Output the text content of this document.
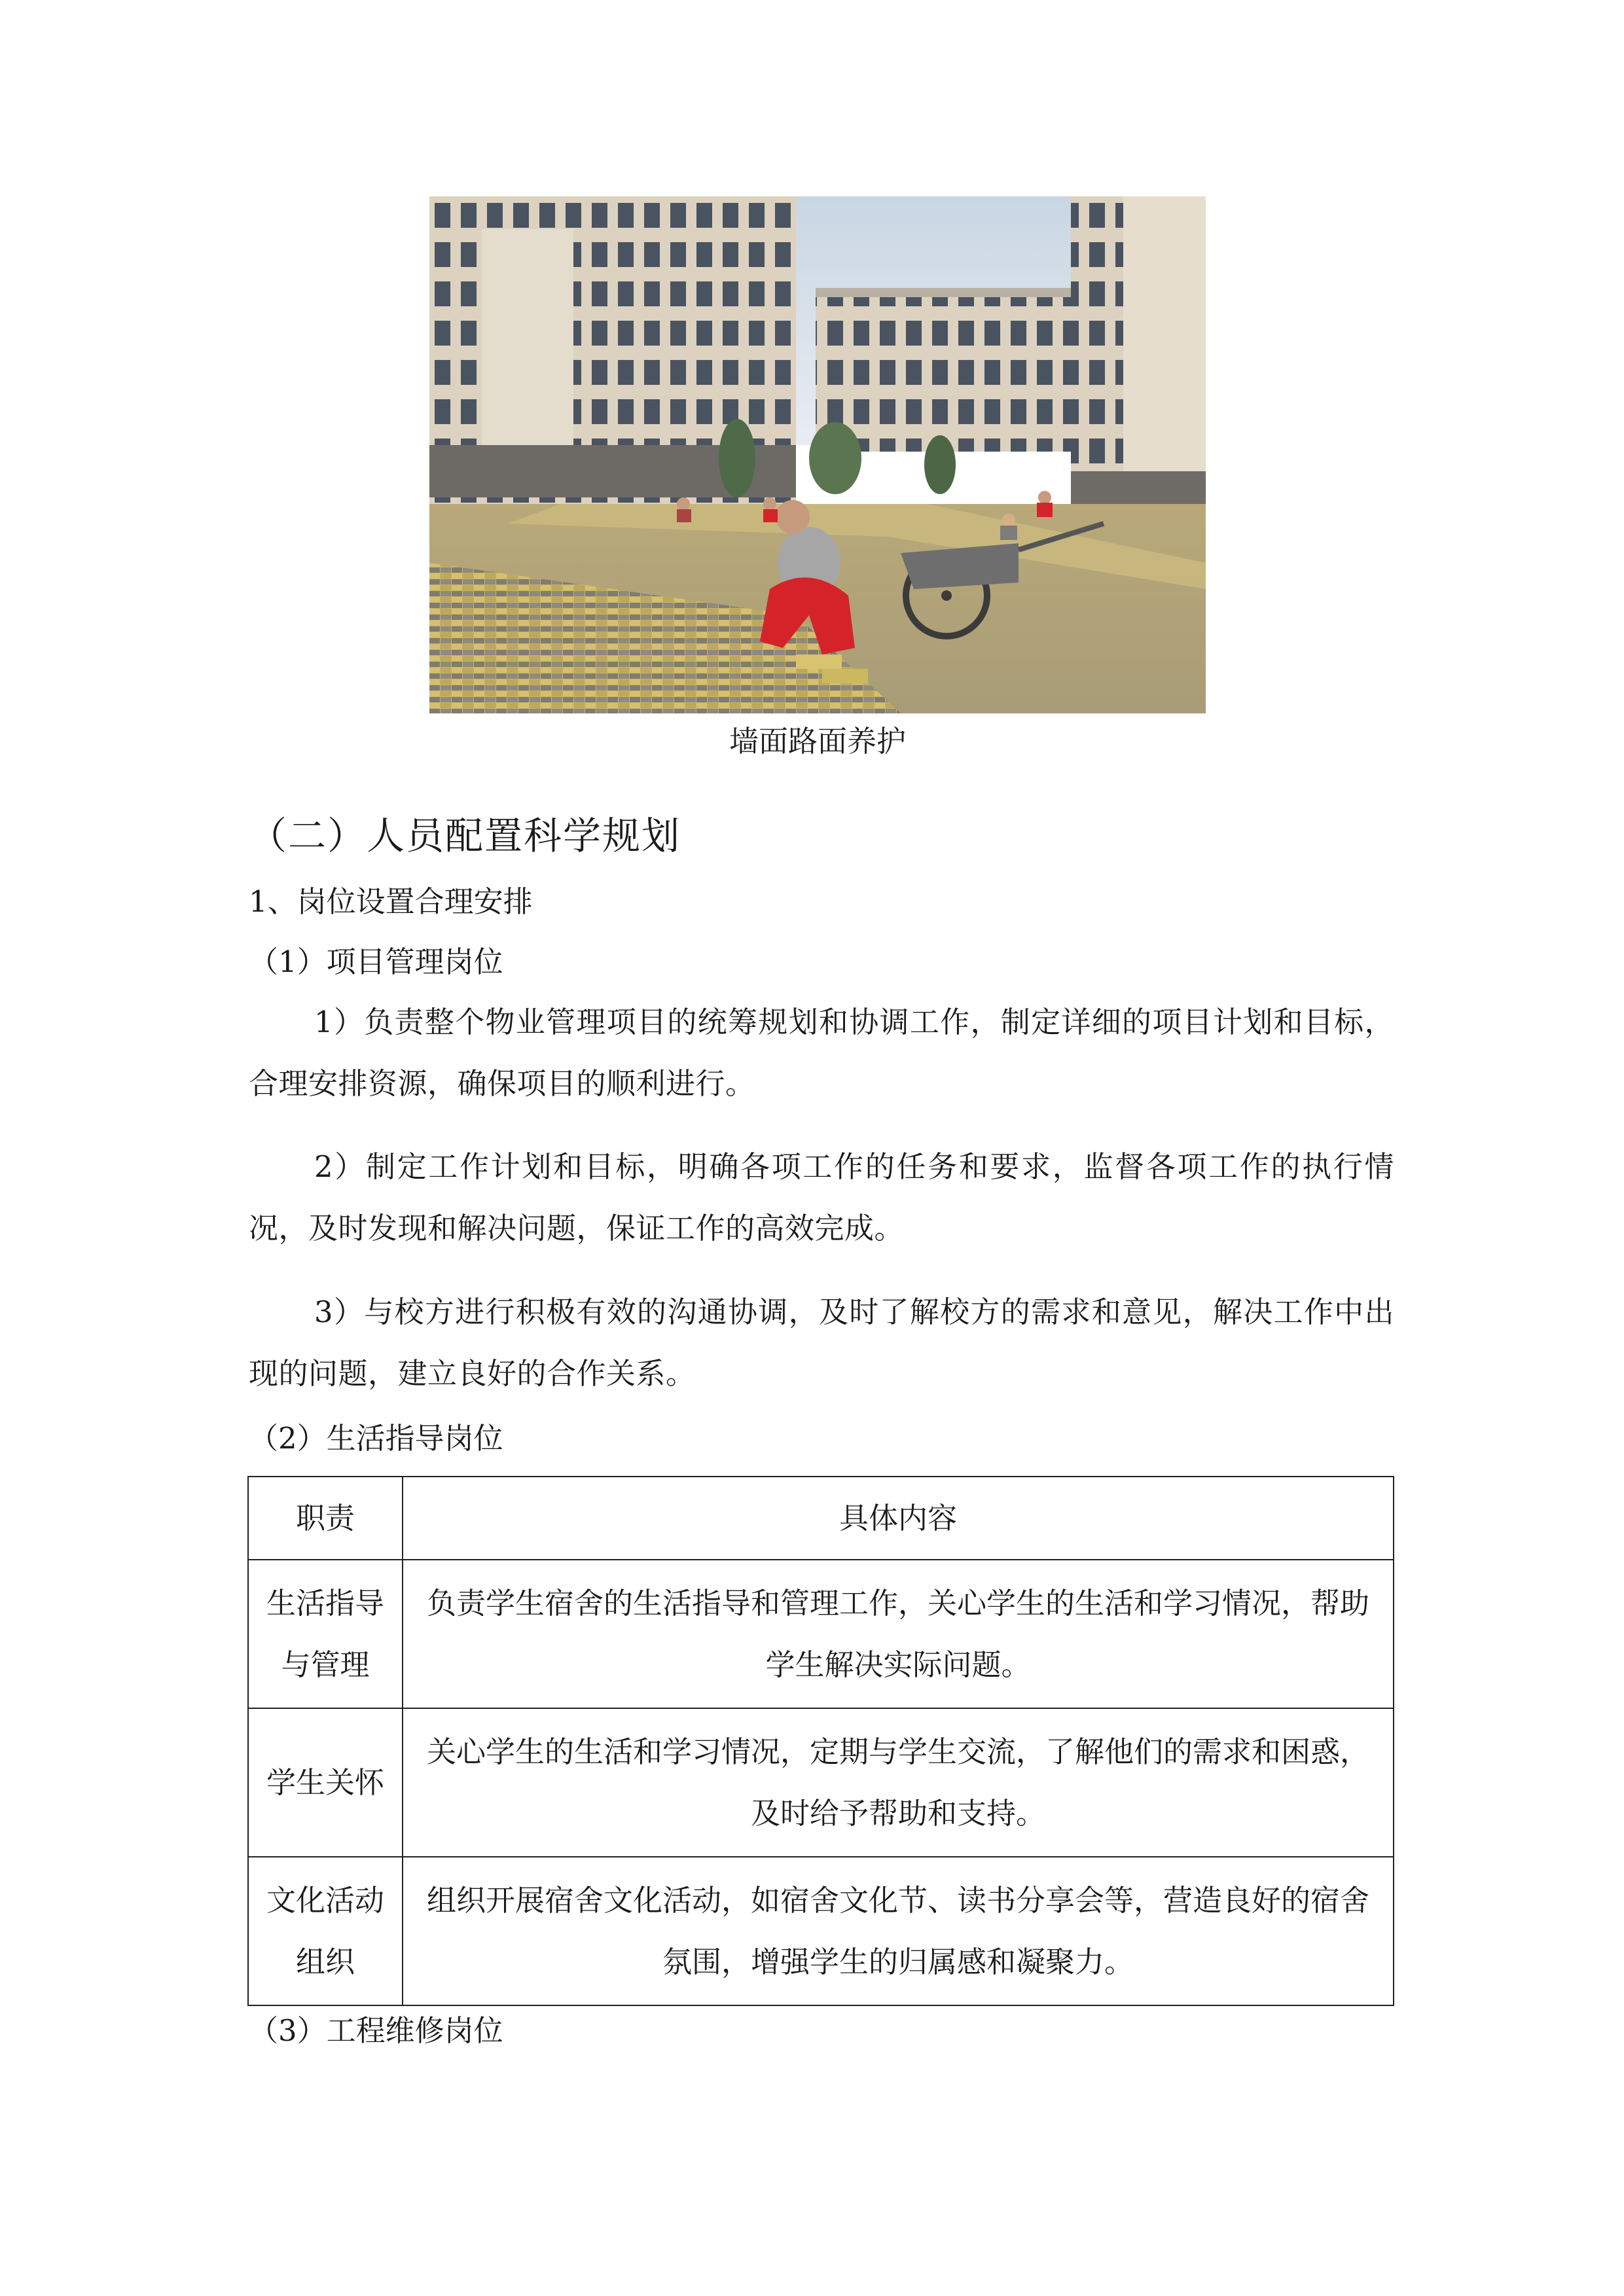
墙面路面养护
（二）人员配置科学规划
1、岗位设置合理安排
（1）项目管理岗位
1）负责整个物业管理项目的统筹规划和协调工作，制定详细的项目计划和目标，合理安排资源，确保项目的顺利进行。
2）制定工作计划和目标，明确各项工作的任务和要求，监督各项工作的执行情况，及时发现和解决问题，保证工作的高效完成。
3）与校方进行积极有效的沟通协调，及时了解校方的需求和意见，解决工作中出现的问题，建立良好的合作关系。
（2）生活指导岗位
职责	具体内容
生活指导与管理	负责学生宿舍的生活指导和管理工作，关心学生的生活和学习情况，帮助学生解决实际问题。
学生关怀	关心学生的生活和学习情况，定期与学生交流，了解他们的需求和困惑，及时给予帮助和支持。
文化活动组织	组织开展宿舍文化活动，如宿舍文化节、读书分享会等，营造良好的宿舍氛围，增强学生的归属感和凝聚力。
（3）工程维修岗位
